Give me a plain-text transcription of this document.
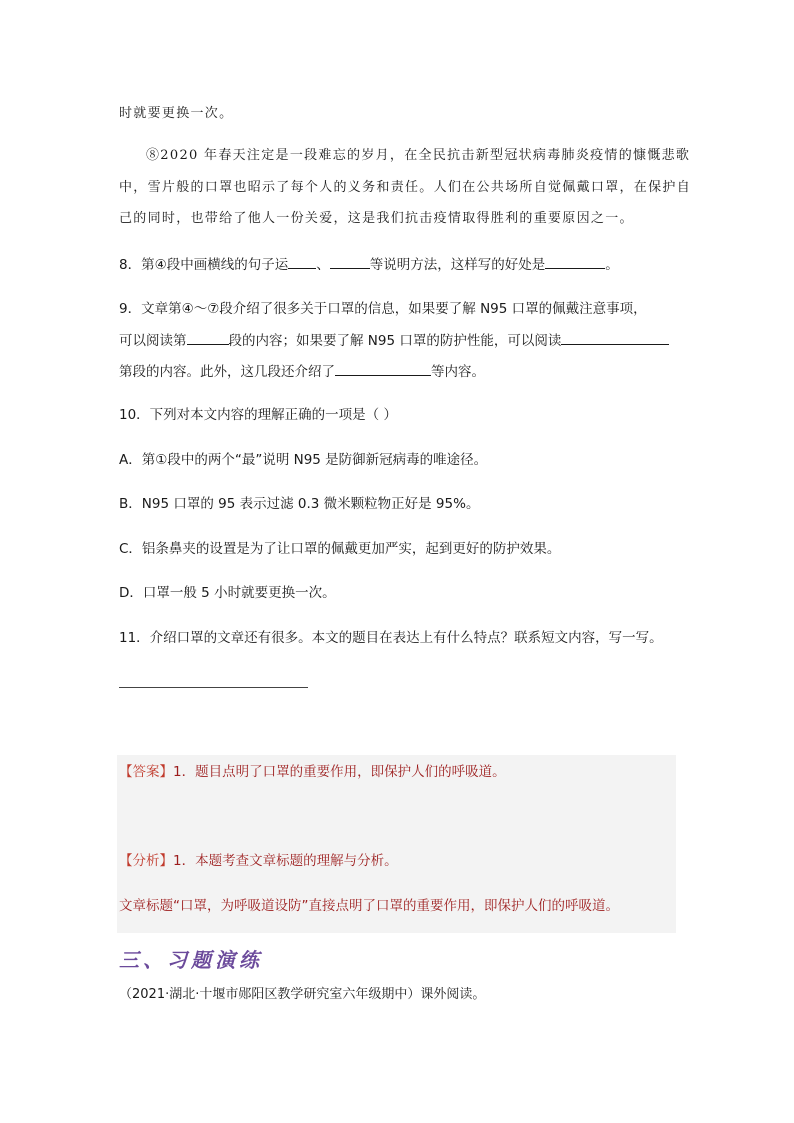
时就要更换一次。
⑧2020 年春天注定是一段难忘的岁月，在全民抗击新型冠状病毒肺炎疫情的慷慨悲歌
中，雪片般的口罩也昭示了每个人的义务和责任。人们在公共场所自觉佩戴口罩，在保护自
己的同时，也带给了他人一份关爱，这是我们抗击疫情取得胜利的重要原因之一。
8．第④段中画横线的句子运 、	等说明方法，这样写的好处是	。
9．文章第④～⑦段介绍了很多关于口罩的信息，如果要了解 N95 口罩的佩戴注意事项，
可以阅读第	段的内容；如果要了解 N95 口罩的防护性能，可以阅读
第段的内容。此外，这几段还介绍了	等内容。
10．下列对本文内容的理解正确的一项是（ ）
A．第①段中的两个“最”说明 N95 是防御新冠病毒的唯途径。
B．N95 口罩的 95 表示过滤 0.3 微米颗粒物正好是 95%。
C．铝条鼻夹的设置是为了让口罩的佩戴更加严实，起到更好的防护效果。
D．口罩一般 5 小时就要更换一次。
11．介绍口罩的文章还有很多。本文的题目在表达上有什么特点？联系短文内容，写一写。
【答案】1．题目点明了口罩的重要作用，即保护人们的呼吸道。
【分析】1．本题考查文章标题的理解与分析。
文章标题“口罩，为呼吸道设防”直接点明了口罩的重要作用，即保护人们的呼吸道。
三、习题演练
（2021·湖北·十堰市郧阳区教学研究室六年级期中）课外阅读。
